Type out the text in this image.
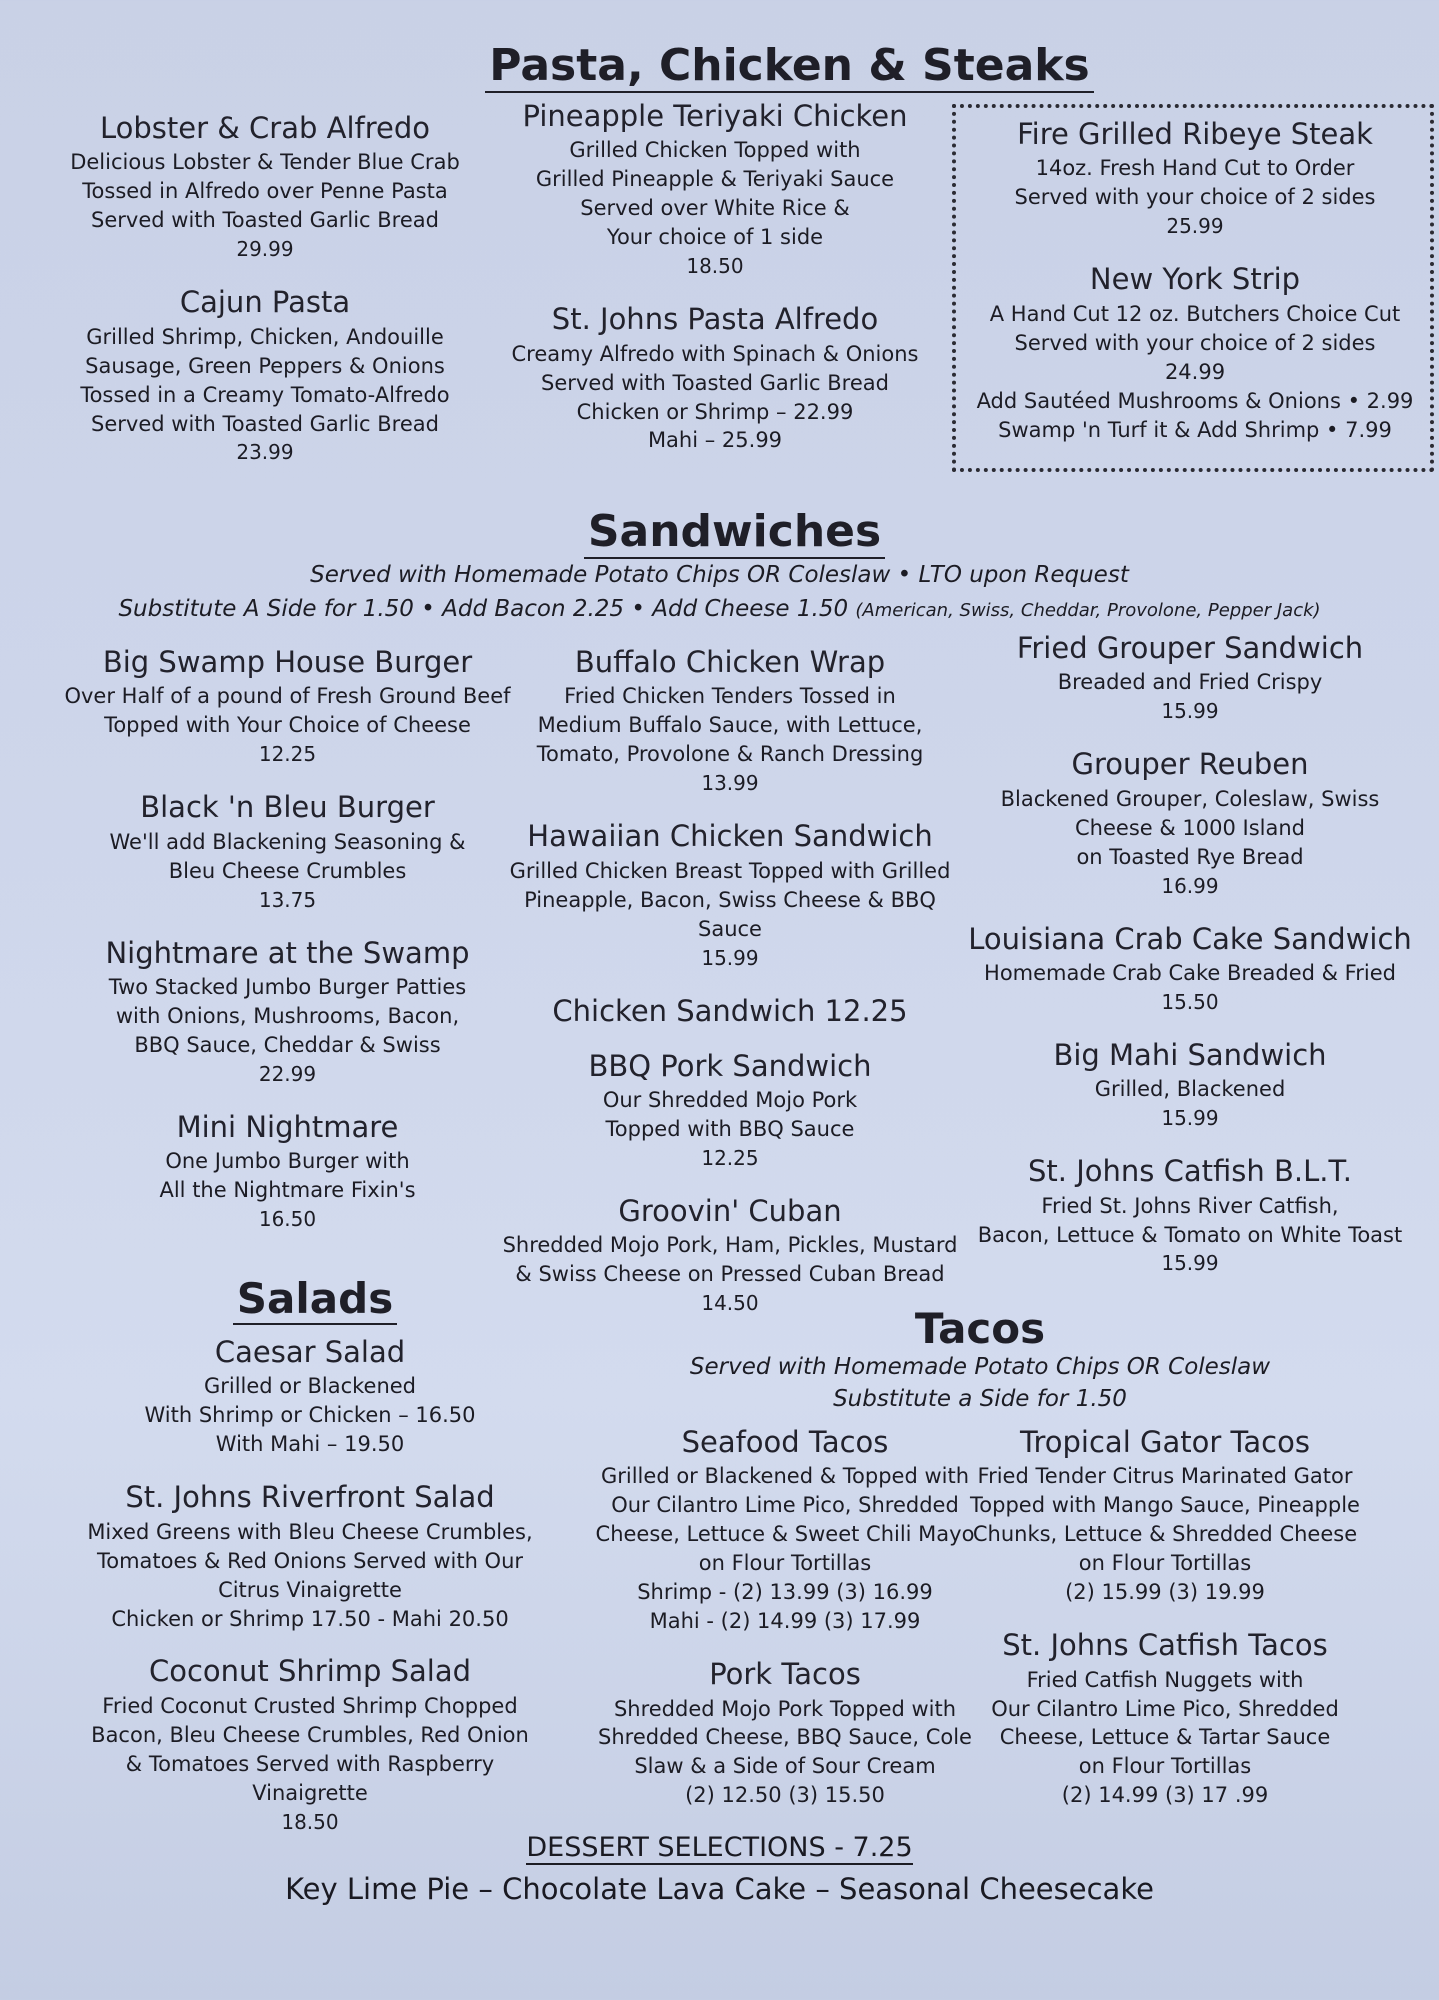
Pasta, Chicken & Steaks
Lobster & Crab Alfredo
Delicious Lobster & Tender Blue Crab
Tossed in Alfredo over Penne Pasta
Served with Toasted Garlic Bread
29.99
Cajun Pasta
Grilled Shrimp, Chicken, Andouille
Sausage, Green Peppers & Onions
Tossed in a Creamy Tomato-Alfredo
Served with Toasted Garlic Bread
23.99
Pineapple Teriyaki Chicken
Grilled Chicken Topped with
Grilled Pineapple & Teriyaki Sauce
Served over White Rice &
Your choice of 1 side
18.50
St. Johns Pasta Alfredo
Creamy Alfredo with Spinach & Onions
Served with Toasted Garlic Bread
Chicken or Shrimp – 22.99
Mahi – 25.99
Fire Grilled Ribeye Steak
14oz. Fresh Hand Cut to Order
Served with your choice of 2 sides
25.99
New York Strip
A Hand Cut 12 oz. Butchers Choice Cut
Served with your choice of 2 sides
24.99
Add Sautéed Mushrooms & Onions • 2.99
Swamp 'n Turf it & Add Shrimp • 7.99
Sandwiches
Served with Homemade Potato Chips OR Coleslaw • LTO upon Request
Substitute A Side for 1.50 • Add Bacon 2.25 • Add Cheese 1.50 (American, Swiss, Cheddar, Provolone, Pepper Jack)
Big Swamp House Burger
Over Half of a pound of Fresh Ground Beef
Topped with Your Choice of Cheese
12.25
Black 'n Bleu Burger
We'll add Blackening Seasoning &
Bleu Cheese Crumbles
13.75
Nightmare at the Swamp
Two Stacked Jumbo Burger Patties
with Onions, Mushrooms, Bacon,
BBQ Sauce, Cheddar & Swiss
22.99
Mini Nightmare
One Jumbo Burger with
All the Nightmare Fixin's
16.50
Buffalo Chicken Wrap
Fried Chicken Tenders Tossed in
Medium Buffalo Sauce, with Lettuce,
Tomato, Provolone & Ranch Dressing
13.99
Hawaiian Chicken Sandwich
Grilled Chicken Breast Topped with Grilled
Pineapple, Bacon, Swiss Cheese & BBQ Sauce
15.99
Chicken Sandwich 12.25
BBQ Pork Sandwich
Our Shredded Mojo Pork
Topped with BBQ Sauce
12.25
Groovin' Cuban
Shredded Mojo Pork, Ham, Pickles, Mustard
& Swiss Cheese on Pressed Cuban Bread
14.50
Fried Grouper Sandwich
Breaded and Fried Crispy
15.99
Grouper Reuben
Blackened Grouper, Coleslaw, Swiss
Cheese & 1000 Island
on Toasted Rye Bread
16.99
Louisiana Crab Cake Sandwich
Homemade Crab Cake Breaded & Fried
15.50
Big Mahi Sandwich
Grilled, Blackened
15.99
St. Johns Catfish B.L.T.
Fried St. Johns River Catfish,
Bacon, Lettuce & Tomato on White Toast
15.99
Salads
Caesar Salad
Grilled or Blackened
With Shrimp or Chicken – 16.50
With Mahi – 19.50
St. Johns Riverfront Salad
Mixed Greens with Bleu Cheese Crumbles,
Tomatoes & Red Onions Served with Our
Citrus Vinaigrette
Chicken or Shrimp 17.50 - Mahi 20.50
Coconut Shrimp Salad
Fried Coconut Crusted Shrimp Chopped
Bacon, Bleu Cheese Crumbles, Red Onion
& Tomatoes Served with Raspberry
Vinaigrette
18.50
Tacos
Served with Homemade Potato Chips OR Coleslaw
Substitute a Side for 1.50
Seafood Tacos
Grilled or Blackened & Topped with
Our Cilantro Lime Pico, Shredded
Cheese, Lettuce & Sweet Chili Mayo
on Flour Tortillas
Shrimp - (2) 13.99 (3) 16.99
Mahi - (2) 14.99 (3) 17.99
Pork Tacos
Shredded Mojo Pork Topped with
Shredded Cheese, BBQ Sauce, Cole
Slaw & a Side of Sour Cream
(2) 12.50 (3) 15.50
Tropical Gator Tacos
Fried Tender Citrus Marinated Gator
Topped with Mango Sauce, Pineapple
Chunks, Lettuce & Shredded Cheese
on Flour Tortillas
(2) 15.99 (3) 19.99
St. Johns Catfish Tacos
Fried Catfish Nuggets with
Our Cilantro Lime Pico, Shredded
Cheese, Lettuce & Tartar Sauce
on Flour Tortillas
(2) 14.99 (3) 17 .99
DESSERT SELECTIONS - 7.25
Key Lime Pie – Chocolate Lava Cake – Seasonal Cheesecake
